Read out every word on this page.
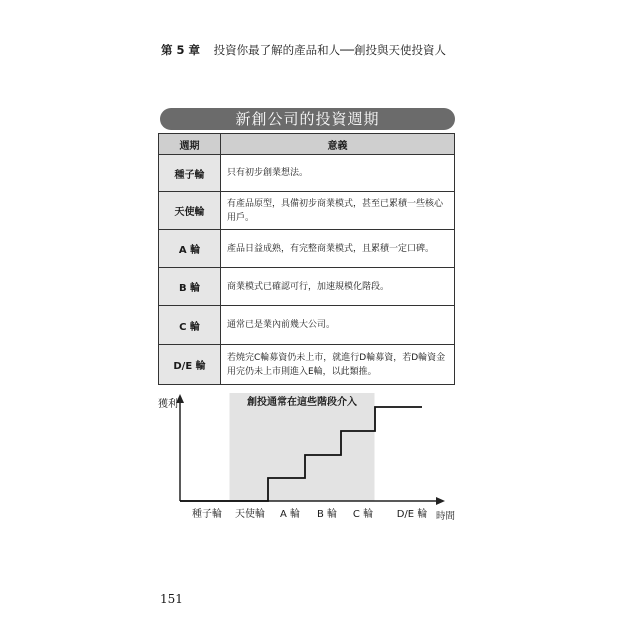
第 5 章 投資你最了解的產品和人──創投與天使投資人
新創公司的投資週期
週期	意義
種子輪	只有初步創業想法。
天使輪	有產品原型，具備初步商業模式，甚至已累積一些核心用戶。
A 輪	產品日益成熟，有完整商業模式，且累積一定口碑。
B 輪	商業模式已確認可行，加速規模化階段。
C 輪	通常已是業內前幾大公司。
D/E 輪	若燒完C輪募資仍未上市，就進行D輪募資，若D輪資金用完仍未上市則進入E輪，以此類推。
創投通常在這些階段介入
獲利
時間
種子輪 天使輪 A 輪 B 輪 C 輪 D/E 輪
151
